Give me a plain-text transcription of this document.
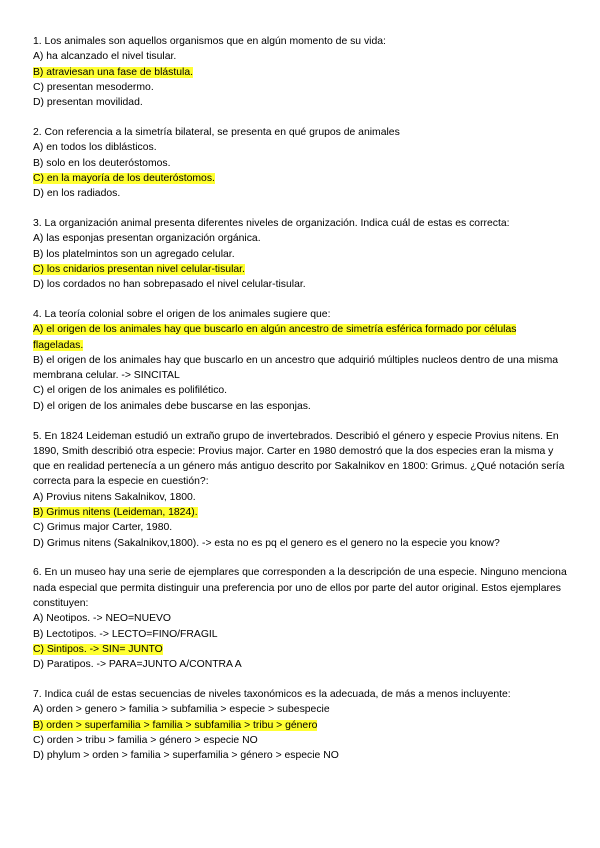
1. Los animales son aquellos organismos que en algún momento de su vida:
A) ha alcanzado el nivel tisular.
B) atraviesan una fase de blástula.
C) presentan mesodermo.
D) presentan movilidad.
2. Con referencia a la simetría bilateral, se presenta en qué grupos de animales
A) en todos los diblásticos.
B) solo en los deuteróstomos.
C) en la mayoría de los deuteróstomos.
D) en los radiados.
3. La organización animal presenta diferentes niveles de organización. Indica cuál de estas es correcta:
A) las esponjas presentan organización orgánica.
B) los platelmintos son un agregado celular.
C) los cnidarios presentan nivel celular-tisular.
D) los cordados no han sobrepasado el nivel celular-tisular.
4. La teoría colonial sobre el origen de los animales sugiere que:
A) el origen de los animales hay que buscarlo en algún ancestro de simetría esférica formado por células flageladas.
B) el origen de los animales hay que buscarlo en un ancestro que adquirió múltiples nucleos dentro de una misma membrana celular. -> SINCITAL
C) el origen de los animales es polifilético.
D) el origen de los animales debe buscarse en las esponjas.
5. En 1824 Leideman estudió un extraño grupo de invertebrados. Describió el género y especie Provius nitens. En 1890, Smith describió otra especie: Provius major. Carter en 1980 demostró que la dos especies eran la misma y que en realidad pertenecía a un género más antiguo descrito por Sakalnikov en 1800: Grimus. ¿Qué notación sería correcta para la especie en cuestión?:
A) Provius nitens Sakalnikov, 1800.
B) Grimus nitens (Leideman, 1824).
C) Grimus major Carter, 1980.
D) Grimus nitens (Sakalnikov,1800). -> esta no es pq el genero es el genero no la especie you know?
6. En un museo hay una serie de ejemplares que corresponden a la descripción de una especie. Ninguno menciona nada especial que permita distinguir una preferencia por uno de ellos por parte del autor original. Estos ejemplares constituyen:
A) Neotipos. -> NEO=NUEVO
B) Lectotipos. -> LECTO=FINO/FRAGIL
C) Sintipos. -> SIN= JUNTO
D) Paratipos. -> PARA=JUNTO A/CONTRA A
7. Indica cuál de estas secuencias de niveles taxonómicos es la adecuada, de más a menos incluyente:
A) orden > genero > familia > subfamilia > especie > subespecie
B) orden > superfamilia > familia > subfamilia > tribu > género
C) orden > tribu > familia > género > especie NO
D) phylum > orden > familia > superfamilia > género > especie NO
